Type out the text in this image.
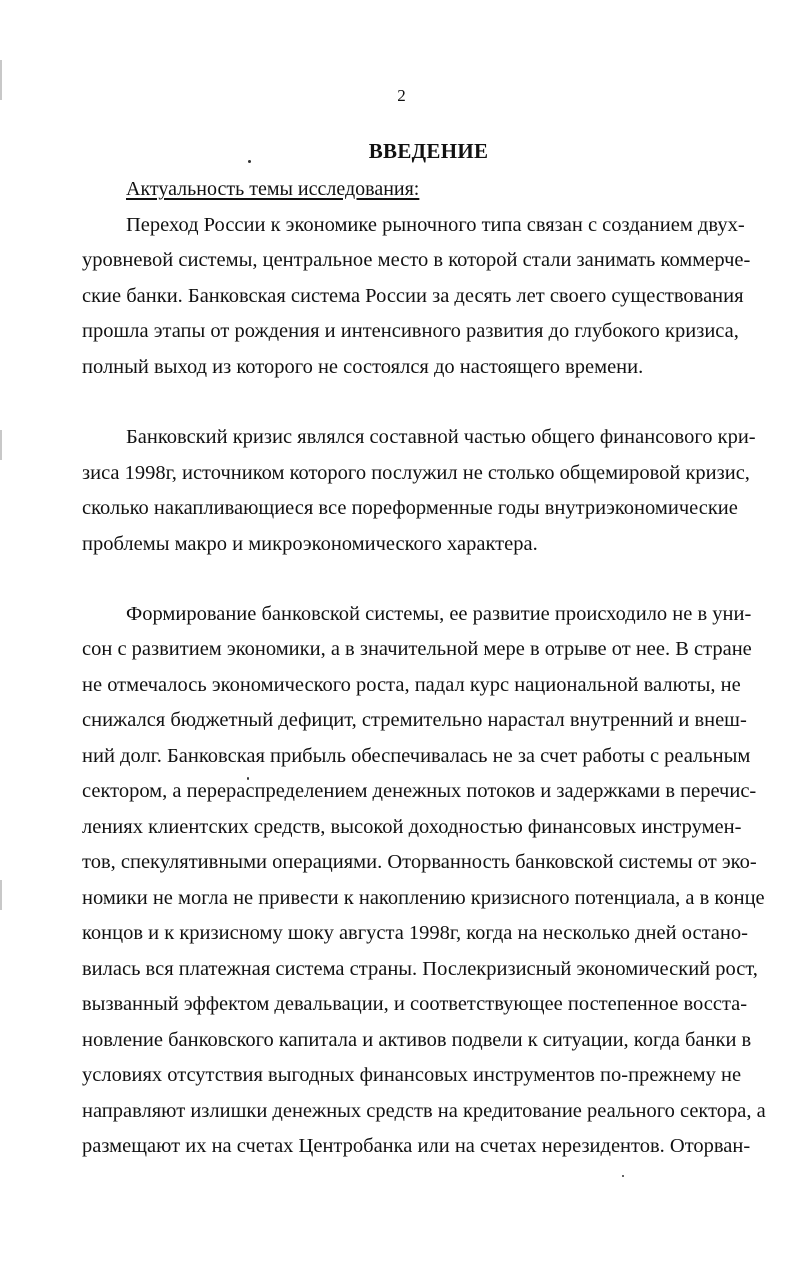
2
ВВЕДЕНИЕ
Актуальность темы исследования:
Переход России к экономике рыночного типа связан с созданием двух-
уровневой системы, центральное место в которой стали занимать коммерче-
ские банки. Банковская система России за десять лет своего существования
прошла этапы от рождения и интенсивного развития до глубокого кризиса,
полный выход из которого не состоялся до настоящего времени.
Банковский кризис являлся составной частью общего финансового кри-
зиса 1998г, источником которого послужил не столько общемировой кризис,
сколько накапливающиеся все пореформенные годы внутриэкономические
проблемы макро и микроэкономического характера.
Формирование банковской системы, ее развитие происходило не в уни-
сон с развитием экономики, а в значительной мере в отрыве от нее. В стране
не отмечалось экономического роста, падал курс национальной валюты, не
снижался бюджетный дефицит, стремительно нарастал внутренний и внеш-
ний долг. Банковская прибыль обеспечивалась не за счет работы с реальным
сектором, а перераспределением денежных потоков и задержками в перечис-
лениях клиентских средств, высокой доходностью финансовых инструмен-
тов, спекулятивными операциями. Оторванность банковской системы от эко-
номики не могла не привести к накоплению кризисного потенциала, а в конце
концов и к кризисному шоку августа 1998г, когда на несколько дней остано-
вилась вся платежная система страны. Послекризисный экономический рост,
вызванный эффектом девальвации, и соответствующее постепенное восста-
новление банковского капитала и активов подвели к ситуации, когда банки в
условиях отсутствия выгодных финансовых инструментов по-прежнему не
направляют излишки денежных средств на кредитование реального сектора, а
размещают их на счетах Центробанка или на счетах нерезидентов. Оторван-
